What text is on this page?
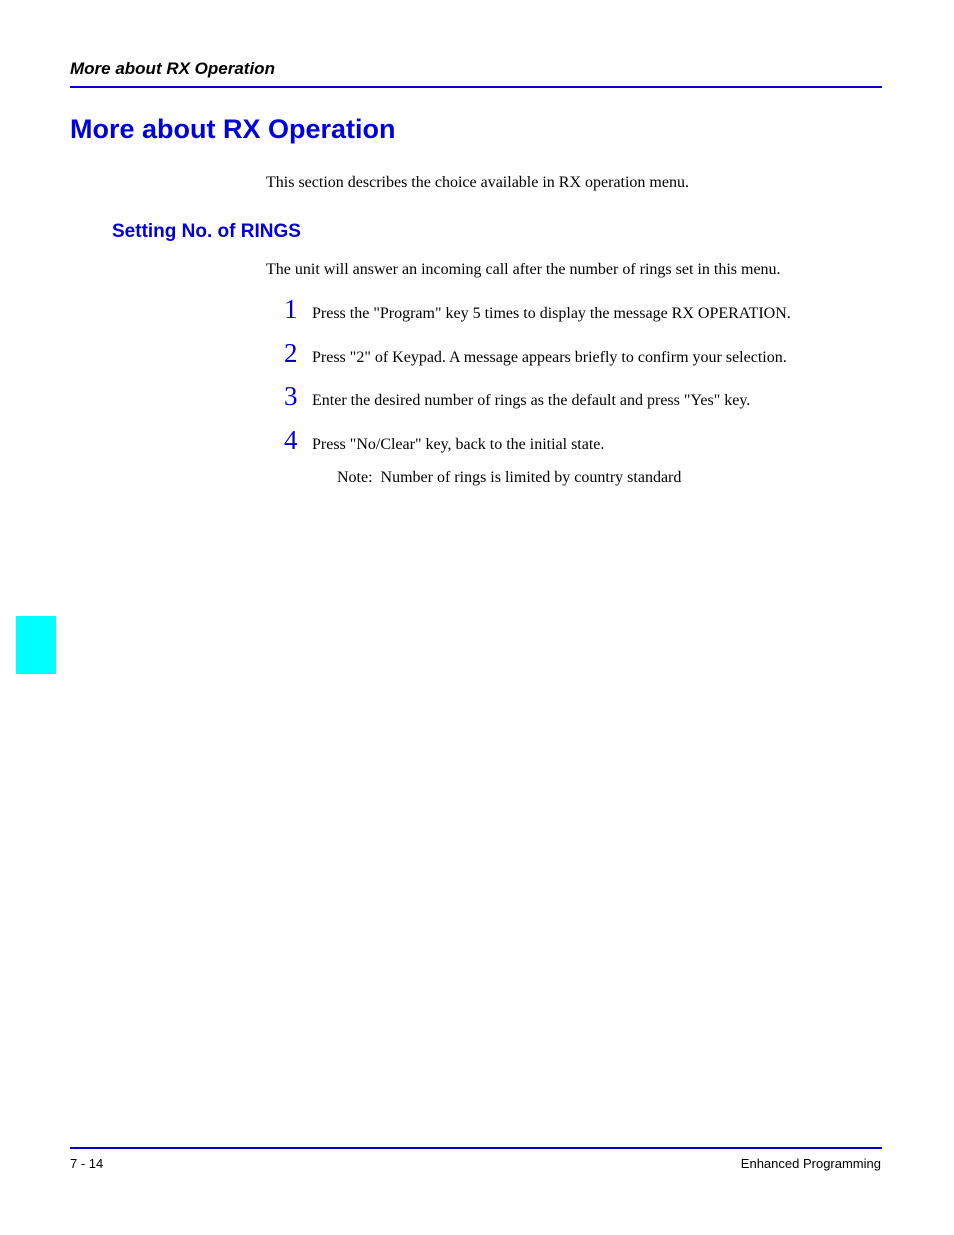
More about RX Operation
More about RX Operation
This section describes the choice available in RX operation menu.
Setting No. of RINGS
The unit will answer an incoming call after the number of rings set in this menu.
1 Press the "Program" key 5 times to display the message RX OPERATION.
2 Press "2" of Keypad. A message appears briefly to confirm your selection.
3 Enter the desired number of rings as the default and press "Yes" key.
4 Press "No/Clear" key, back to the initial state.
Note:  Number of rings is limited by country standard
7 - 14	Enhanced Programming
